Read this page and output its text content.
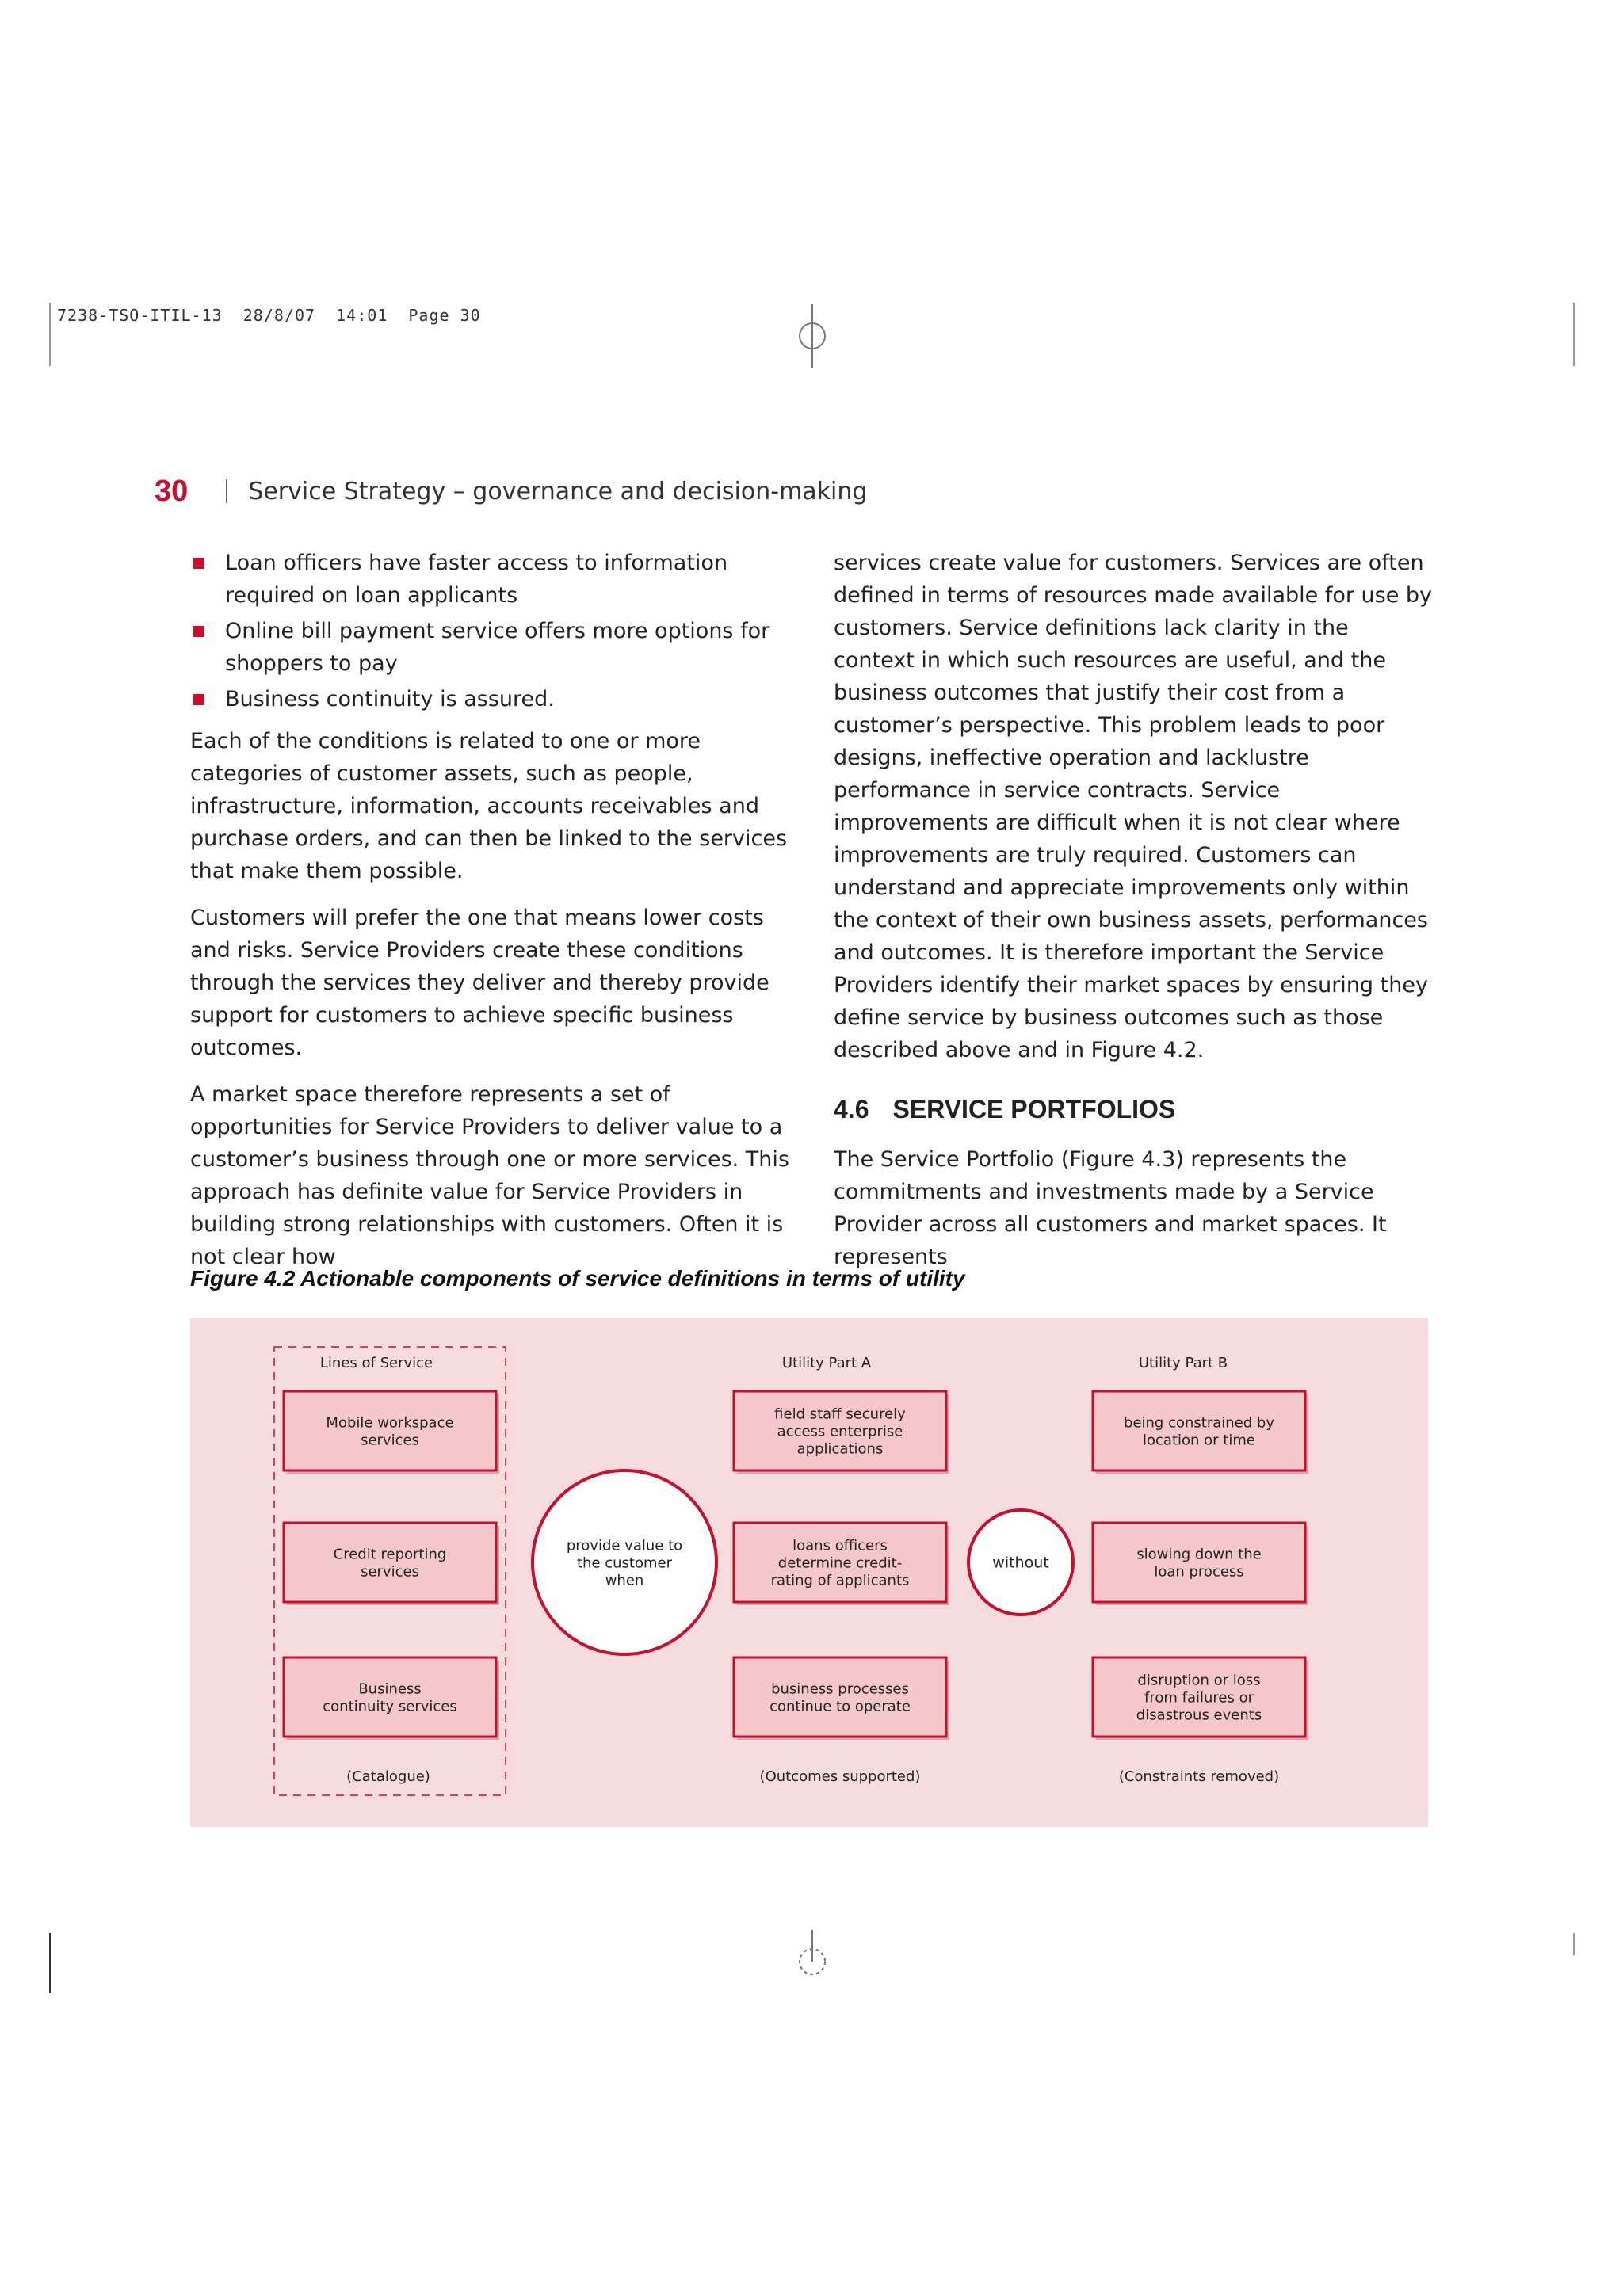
7238-TSO-ITIL-13  28/8/07  14:01  Page 30
30	Service Strategy – governance and decision-making
Loan officers have faster access to information required on loan applicants
Online bill payment service offers more options for shoppers to pay
Business continuity is assured.

Each of the conditions is related to one or more categories of customer assets, such as people, infrastructure, information, accounts receivables and purchase orders, and can then be linked to the services that make them possible.

Customers will prefer the one that means lower costs and risks. Service Providers create these conditions through the services they deliver and thereby provide support for customers to achieve specific business outcomes.

A market space therefore represents a set of opportunities for Service Providers to deliver value to a customer’s business through one or more services. This approach has definite value for Service Providers in building strong relationships with customers. Often it is not clear how

services create value for customers. Services are often defined in terms of resources made available for use by customers. Service definitions lack clarity in the context in which such resources are useful, and the business outcomes that justify their cost from a customer’s perspective. This problem leads to poor designs, ineffective operation and lacklustre performance in service contracts. Service improvements are difficult when it is not clear where improvements are truly required. Customers can understand and appreciate improvements only within the context of their own business assets, performances and outcomes. It is therefore important the Service Providers identify their market spaces by ensuring they define service by business outcomes such as those described above and in Figure 4.2.

4.6 SERVICE PORTFOLIOS

The Service Portfolio (Figure 4.3) represents the commitments and investments made by a Service Provider across all customers and market spaces. It represents

Figure 4.2 Actionable components of service definitions in terms of utility
Lines of Service	Utility Part A	Utility Part B
Mobile workspace
services
Credit reporting
services
Business
continuity services
field staff securely
access enterprise
applications
loans officers
determine credit-
rating of applicants
business processes
continue to operate
being constrained by
location or time
slowing down the
loan process
disruption or loss
from failures or
disastrous events
provide value to
the customer
when
without
(Catalogue)	(Outcomes supported)	(Constraints removed)
